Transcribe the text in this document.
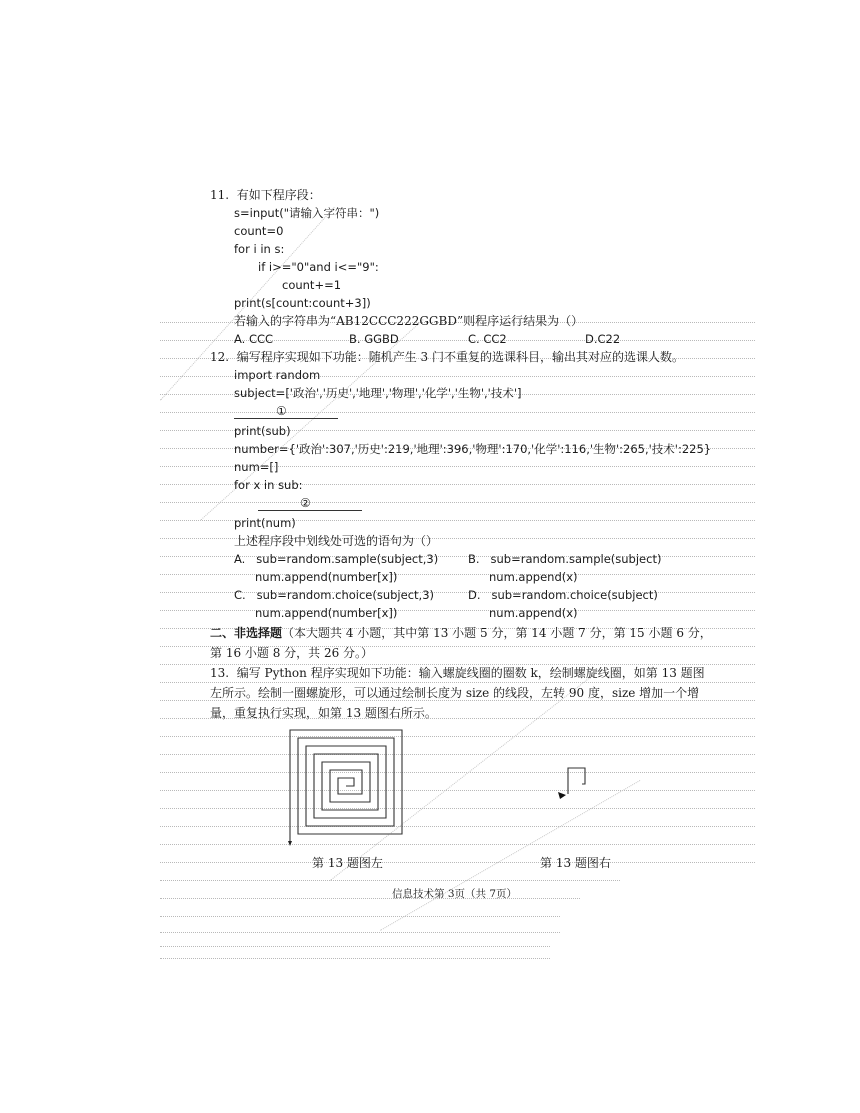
11.  有如下程序段：
s=input("请输入字符串：")
count=0
for i in s:
if i>="0"and i<="9":
count+=1
print(s[count:count+3])
若输入的字符串为“AB12CCC222GGBD”则程序运行结果为（）
A. CCC	B. GGBD	C. CC2	D.C22
12.  编写程序实现如下功能：随机产生 3 门不重复的选课科目，输出其对应的选课人数。
import random
subject=['政治','历史','地理','物理','化学','生物','技术']
①
print(sub)
number={'政治':307,'历史':219,'地理':396,'物理':170,'化学':116,'生物':265,'技术':225}
num=[]
for x in sub:
②
print(num)
上述程序段中划线处可选的语句为（）
A.   sub=random.sample(subject,3)	B.   sub=random.sample(subject)
num.append(number[x])	num.append(x)
C.   sub=random.choice(subject,3)	D.   sub=random.choice(subject)
num.append(number[x])	num.append(x)
二、非选择题（本大题共 4 小题，其中第 13 小题 5 分，第 14 小题 7 分，第 15 小题 6 分，
第 16 小题 8 分，共 26 分。）
13.  编写 Python 程序实现如下功能：输入螺旋线圈的圈数 k，绘制螺旋线圈，如第 13 题图
左所示。绘制一圈螺旋形，可以通过绘制长度为 size 的线段，左转 90 度，size 增加一个增
量，重复执行实现，如第 13 题图右所示。
第 13 题图左	第 13 题图右
信息技术第 3页（共 7页）
